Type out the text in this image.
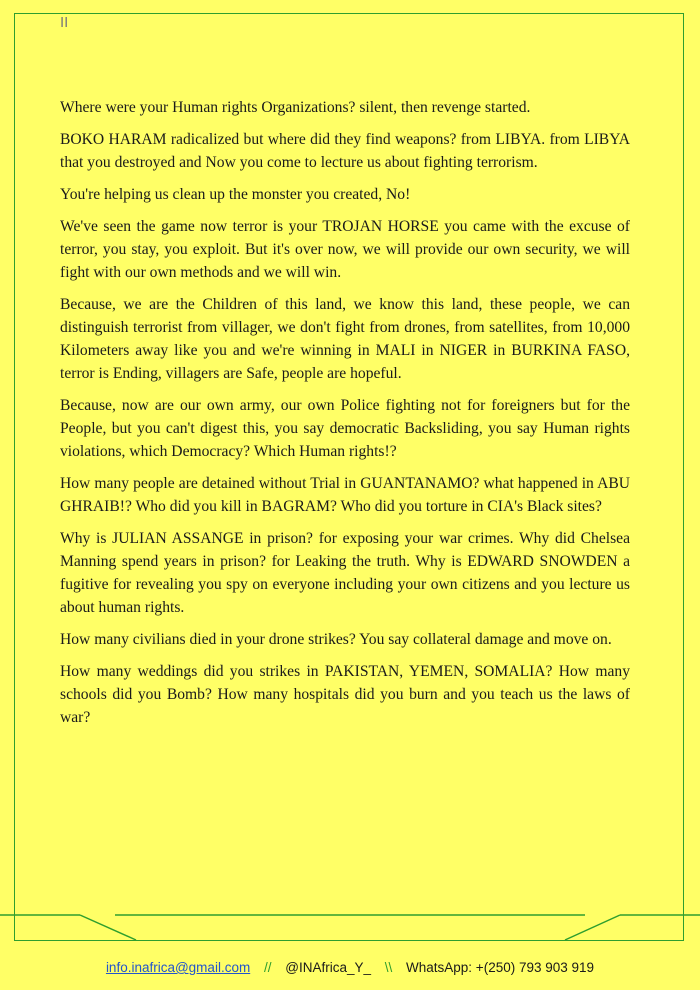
II

Where were your Human rights Organizations? silent, then revenge started.

BOKO HARAM radicalized but where did they find weapons? from LIBYA. from LIBYA that you destroyed and Now you come to lecture us about fighting terrorism.

You're helping us clean up the monster you created, No!

We've seen the game now terror is your TROJAN HORSE you came with the excuse of terror, you stay, you exploit. But it's over now, we will provide our own security, we will fight with our own methods and we will win.

Because, we are the Children of this land, we know this land, these people, we can distinguish terrorist from villager, we don't fight from drones, from satellites, from 10,000 Kilometers away like you and we're winning in MALI in NIGER in BURKINA FASO, terror is Ending, villagers are Safe, people are hopeful.

Because, now are our own army, our own Police fighting not for foreigners but for the People, but you can't digest this, you say democratic Backsliding, you say Human rights violations, which Democracy? Which Human rights!?

How many people are detained without Trial in GUANTANAMO? what happened in ABU GHRAIB!? Who did you kill in BAGRAM? Who did you torture in CIA's Black sites?

Why is JULIAN ASSANGE in prison? for exposing your war crimes. Why did Chelsea Manning spend years in prison? for Leaking the truth. Why is EDWARD SNOWDEN a fugitive for revealing you spy on everyone including your own citizens and you lecture us about human rights.

How many civilians died in your drone strikes? You say collateral damage and move on.

How many weddings did you strikes in PAKISTAN, YEMEN, SOMALIA? How many schools did you Bomb? How many hospitals did you burn and you teach us the laws of war?

info.inafrica@gmail.com // @INAfrica_Y_ \\ WhatsApp: +(250) 793 903 919
